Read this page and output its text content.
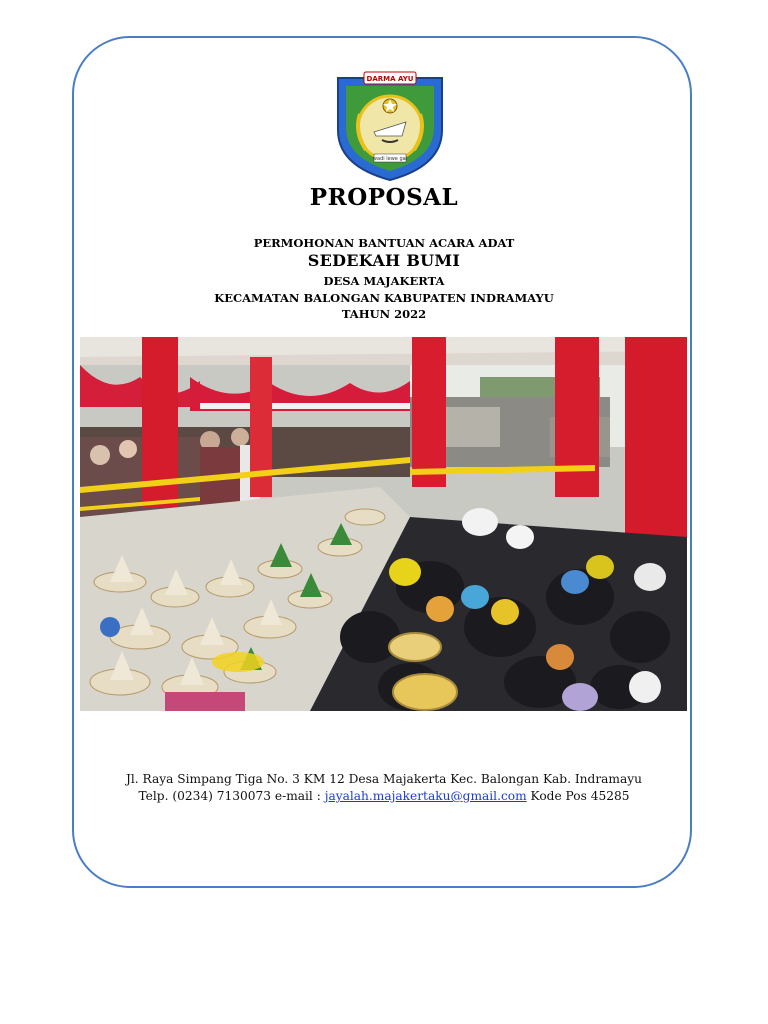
DARMA AYU
wadi lewe gal
PROPOSAL
PERMOHONAN BANTUAN ACARA ADAT
SEDEKAH BUMI
DESA MAJAKERTA
KECAMATAN BALONGAN KABUPATEN INDRAMAYU
TAHUN 2022
Jl. Raya Simpang Tiga No. 3 KM 12 Desa Majakerta Kec. Balongan Kab. Indramayu
Telp. (0234) 7130073 e-mail : jayalah.majakertaku@gmail.com Kode Pos 45285
